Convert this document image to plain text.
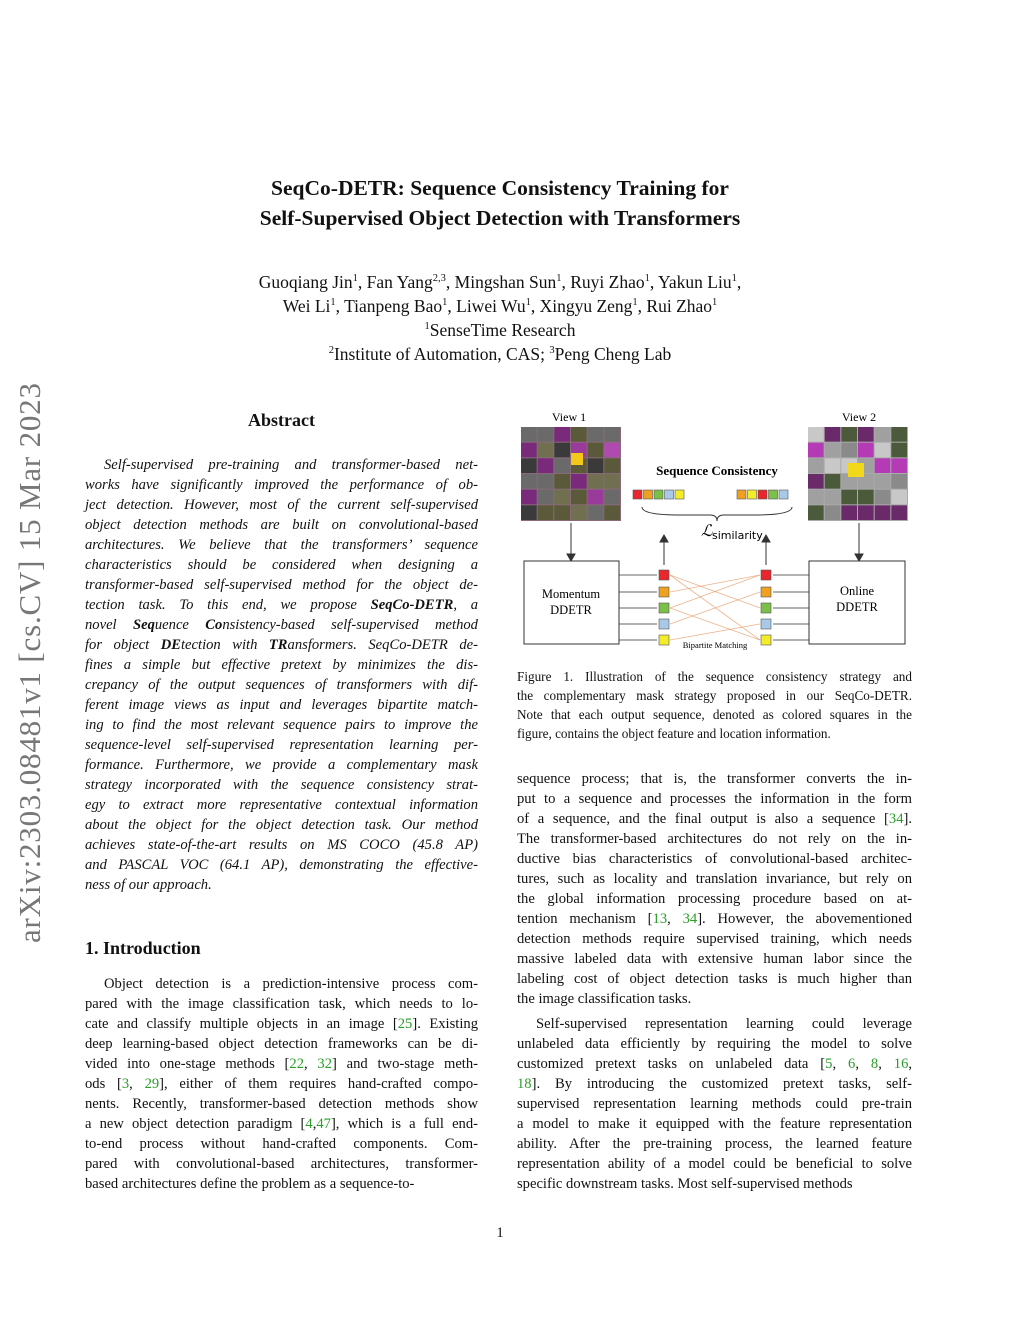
arXiv:2303.08481v1 [cs.CV] 15 Mar 2023
SeqCo-DETR: Sequence Consistency Training for
Self-Supervised Object Detection with Transformers
Guoqiang Jin$^1$, Fan Yang$^{2,3}$, Mingshan Sun$^1$, Ruyi Zhao$^1$, Yakun Liu$^1$,
Wei Li$^1$, Tianpeng Bao$^1$, Liwei Wu$^1$, Xingyu Zeng$^1$, Rui Zhao$^1$
$^1$SenseTime Research
$^2$Institute of Automation, CAS; $^3$Peng Cheng Lab
Abstract
Self-supervised pre-training and transformer-based net-
works have significantly improved the performance of ob-
ject detection. However, most of the current self-supervised
object detection methods are built on convolutional-based
architectures. We believe that the transformers’ sequence
characteristics should be considered when designing a
transformer-based self-supervised method for the object de-
tection task. To this end, we propose SeqCo-DETR, a
novel Sequence Consistency-based self-supervised method
for object DEtection with TRansformers. SeqCo-DETR de-
fines a simple but effective pretext by minimizes the dis-
crepancy of the output sequences of transformers with dif-
ferent image views as input and leverages bipartite match-
ing to find the most relevant sequence pairs to improve the
sequence-level self-supervised representation learning per-
formance. Furthermore, we provide a complementary mask
strategy incorporated with the sequence consistency strat-
egy to extract more representative contextual information
about the object for the object detection task. Our method
achieves state-of-the-art results on MS COCO (45.8 AP)
and PASCAL VOC (64.1 AP), demonstrating the effective-
ness of our approach.
1. Introduction
Object detection is a prediction-intensive process com-
pared with the image classification task, which needs to lo-
cate and classify multiple objects in an image [25]. Existing
deep learning-based object detection frameworks can be di-
vided into one-stage methods [22, 32] and two-stage meth-
ods [3, 29], either of them requires hand-crafted compo-
nents. Recently, transformer-based detection methods show
a new object detection paradigm [4,47], which is a full end-
to-end process without hand-crafted components. Com-
pared with convolutional-based architectures, transformer-
based architectures define the problem as a sequence-to-
View 1	View 2
Sequence Consistency
ℒ similarity
Momentum
DDETR
Online
DDETR
Bipartite Matching
Figure 1. Illustration of the sequence consistency strategy and
the complementary mask strategy proposed in our SeqCo-DETR.
Note that each output sequence, denoted as colored squares in the
figure, contains the object feature and location information.
sequence process; that is, the transformer converts the in-
put to a sequence and processes the information in the form
of a sequence, and the final output is also a sequence [34].
The transformer-based architectures do not rely on the in-
ductive bias characteristics of convolutional-based architec-
tures, such as locality and translation invariance, but rely on
the global information processing procedure based on at-
tention mechanism [13, 34]. However, the abovementioned
detection methods require supervised training, which needs
massive labeled data with extensive human labor since the
labeling cost of object detection tasks is much higher than
the image classification tasks.
Self-supervised representation learning could leverage
unlabeled data efficiently by requiring the model to solve
customized pretext tasks on unlabeled data [5, 6, 8, 16,
18]. By introducing the customized pretext tasks, self-
supervised representation learning methods could pre-train
a model to make it equipped with the feature representation
ability. After the pre-training process, the learned feature
representation ability of a model could be beneficial to solve
specific downstream tasks. Most self-supervised methods
1
